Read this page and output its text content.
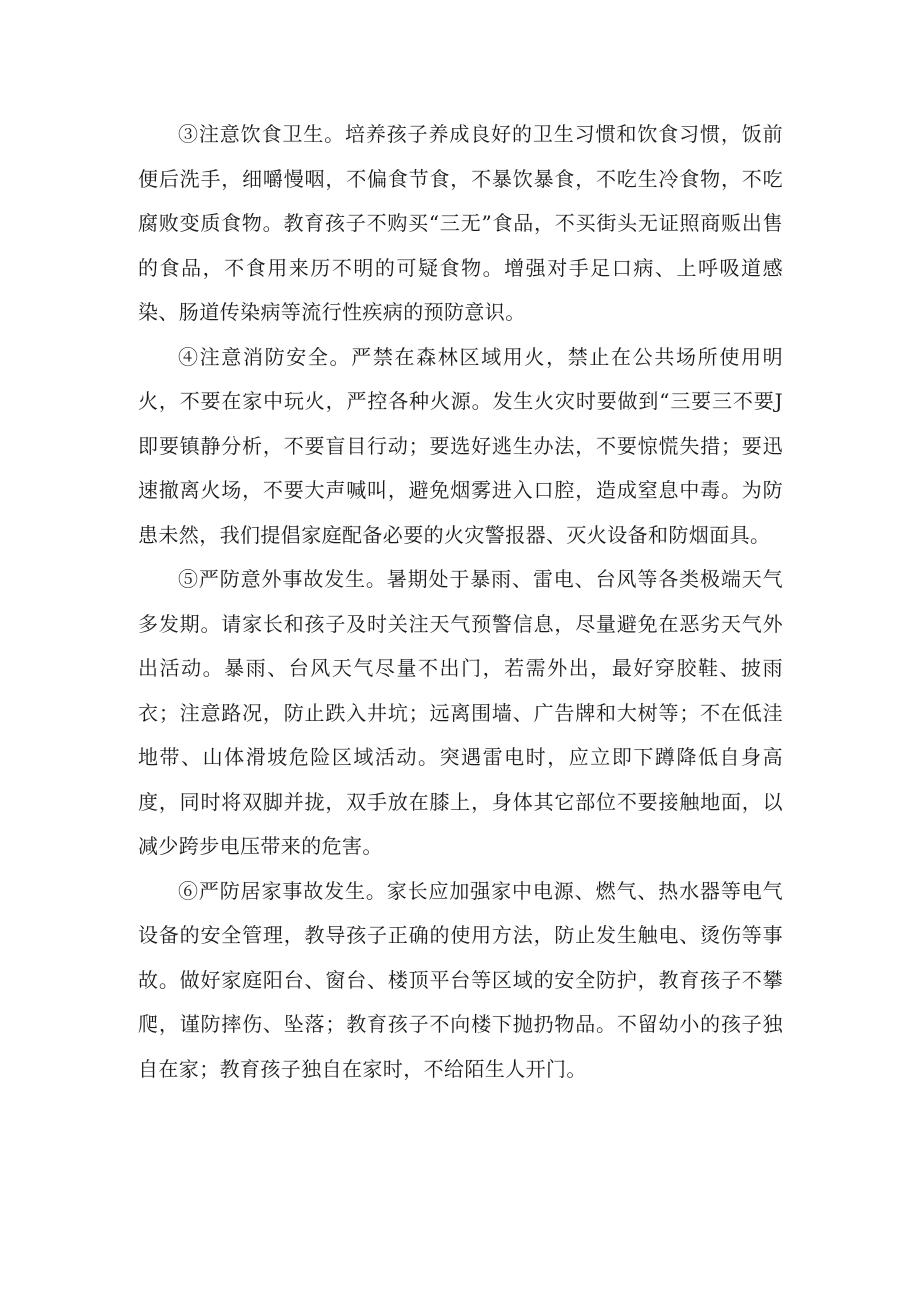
③注意饮食卫生。培养孩子养成良好的卫生习惯和饮食习惯，饭前便后洗手，细嚼慢咽，不偏食节食，不暴饮暴食，不吃生冷食物，不吃腐败变质食物。教育孩子不购买“三无”食品，不买街头无证照商贩出售的食品，不食用来历不明的可疑食物。增强对手足口病、上呼吸道感染、肠道传染病等流行性疾病的预防意识。

④注意消防安全。严禁在森林区域用火，禁止在公共场所使用明火，不要在家中玩火，严控各种火源。发生火灾时要做到“三要三不要J即要镇静分析，不要盲目行动；要选好逃生办法，不要惊慌失措；要迅速撤离火场，不要大声喊叫，避免烟雾进入口腔，造成窒息中毒。为防患未然，我们提倡家庭配备必要的火灾警报器、灭火设备和防烟面具。

⑤严防意外事故发生。暑期处于暴雨、雷电、台风等各类极端天气多发期。请家长和孩子及时关注天气预警信息，尽量避免在恶劣天气外出活动。暴雨、台风天气尽量不出门，若需外出，最好穿胶鞋、披雨衣；注意路况，防止跌入井坑；远离围墙、广告牌和大树等；不在低洼地带、山体滑坡危险区域活动。突遇雷电时，应立即下蹲降低自身高度，同时将双脚并拢，双手放在膝上，身体其它部位不要接触地面，以减少跨步电压带来的危害。

⑥严防居家事故发生。家长应加强家中电源、燃气、热水器等电气设备的安全管理，教导孩子正确的使用方法，防止发生触电、烫伤等事故。做好家庭阳台、窗台、楼顶平台等区域的安全防护，教育孩子不攀爬，谨防摔伤、坠落；教育孩子不向楼下抛扔物品。不留幼小的孩子独自在家；教育孩子独自在家时，不给陌生人开门。
